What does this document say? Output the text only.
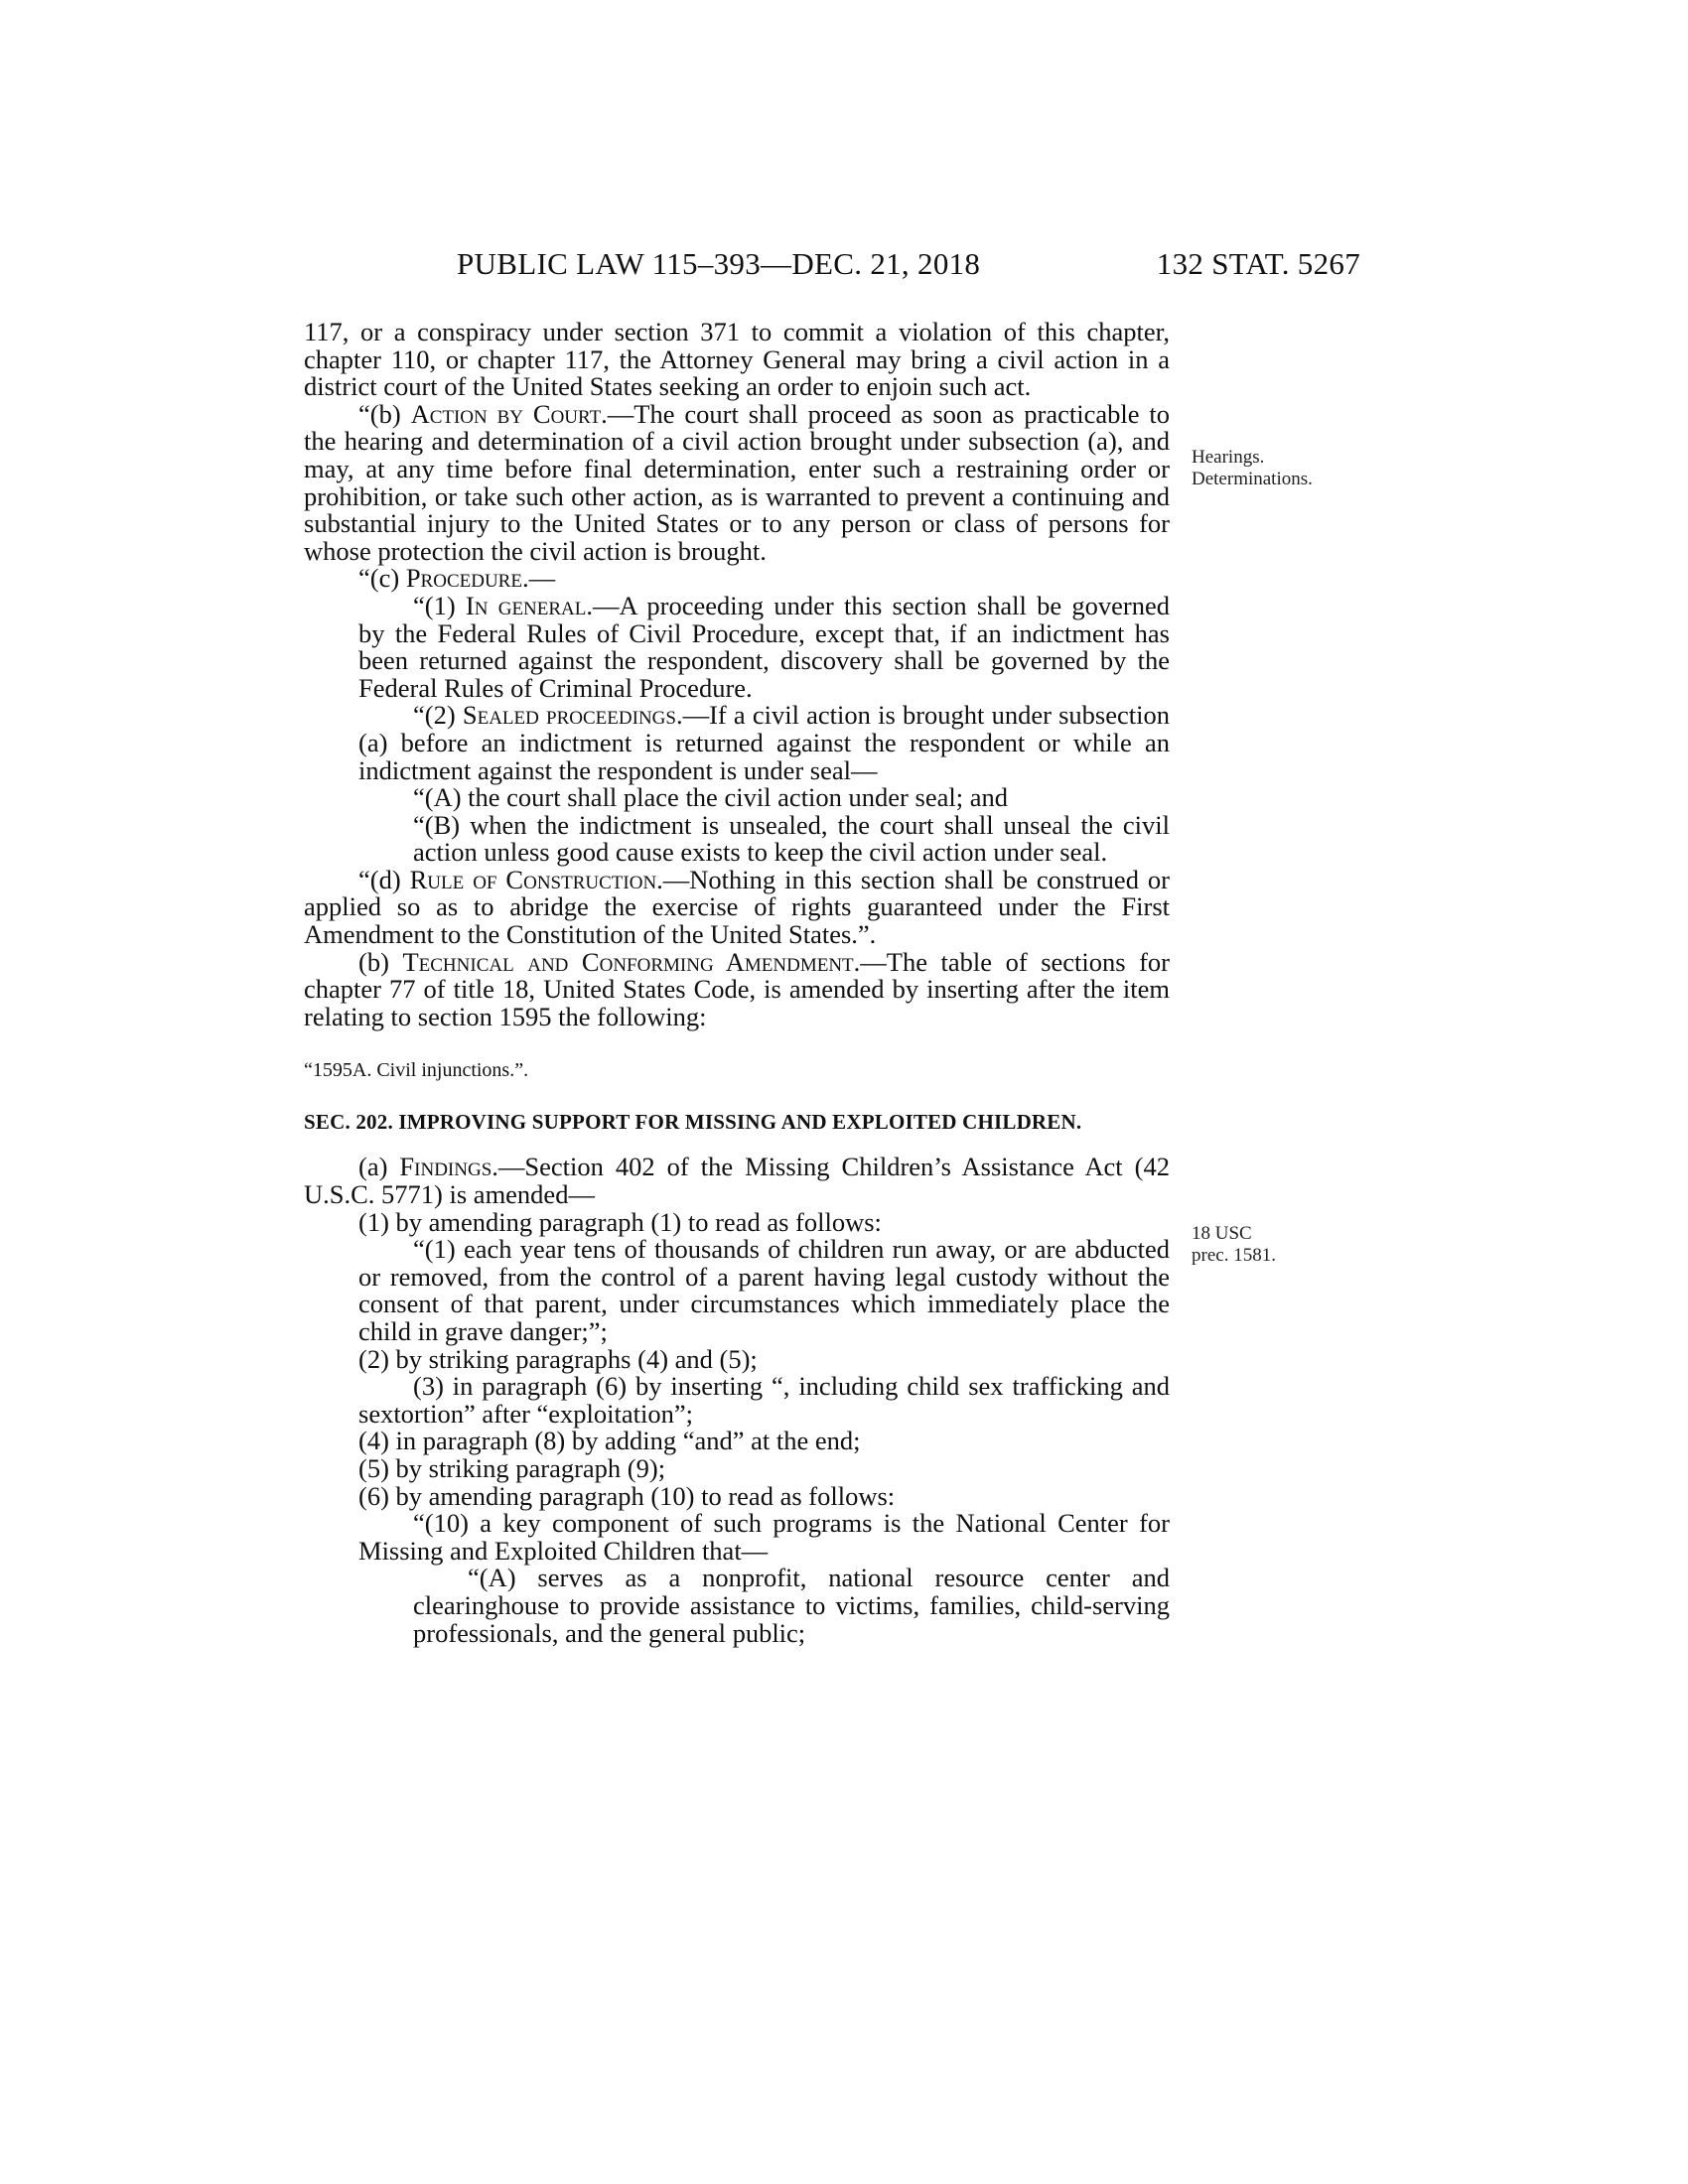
PUBLIC LAW 115–393—DEC. 21, 2018	132 STAT. 5267
Hearings.
Determinations.
18 USC
prec. 1581.

117, or a conspiracy under section 371 to commit a violation of this chapter, chapter 110, or chapter 117, the Attorney General may bring a civil action in a district court of the United States seeking an order to enjoin such act.

“(b) Action by Court.—The court shall proceed as soon as practicable to the hearing and determination of a civil action brought under subsection (a), and may, at any time before final determination, enter such a restraining order or prohibition, or take such other action, as is warranted to prevent a continuing and substantial injury to the United States or to any person or class of persons for whose protection the civil action is brought.

“(c) Procedure.—

“(1) In general.—A proceeding under this section shall be governed by the Federal Rules of Civil Procedure, except that, if an indictment has been returned against the respondent, discovery shall be governed by the Federal Rules of Criminal Procedure.

“(2) Sealed proceedings.—If a civil action is brought under subsection (a) before an indictment is returned against the respondent or while an indictment against the respondent is under seal—

“(A) the court shall place the civil action under seal; and

“(B) when the indictment is unsealed, the court shall unseal the civil action unless good cause exists to keep the civil action under seal.

“(d) Rule of Construction.—Nothing in this section shall be construed or applied so as to abridge the exercise of rights guaranteed under the First Amendment to the Constitution of the United States.”.

(b) Technical and Conforming Amendment.—The table of sections for chapter 77 of title 18, United States Code, is amended by inserting after the item relating to section 1595 the following:

“1595A. Civil injunctions.”.

SEC. 202. IMPROVING SUPPORT FOR MISSING AND EXPLOITED CHILDREN.

(a) Findings.—Section 402 of the Missing Children’s Assistance Act (42 U.S.C. 5771) is amended—

(1) by amending paragraph (1) to read as follows:

“(1) each year tens of thousands of children run away, or are abducted or removed, from the control of a parent having legal custody without the consent of that parent, under circumstances which immediately place the child in grave danger;”;

(2) by striking paragraphs (4) and (5);

(3) in paragraph (6) by inserting “, including child sex trafficking and sextortion” after “exploitation”;

(4) in paragraph (8) by adding “and” at the end;

(5) by striking paragraph (9);

(6) by amending paragraph (10) to read as follows:

“(10) a key component of such programs is the National Center for Missing and Exploited Children that—

“(A) serves as a nonprofit, national resource center and clearinghouse to provide assistance to victims, families, child-serving professionals, and the general public;
